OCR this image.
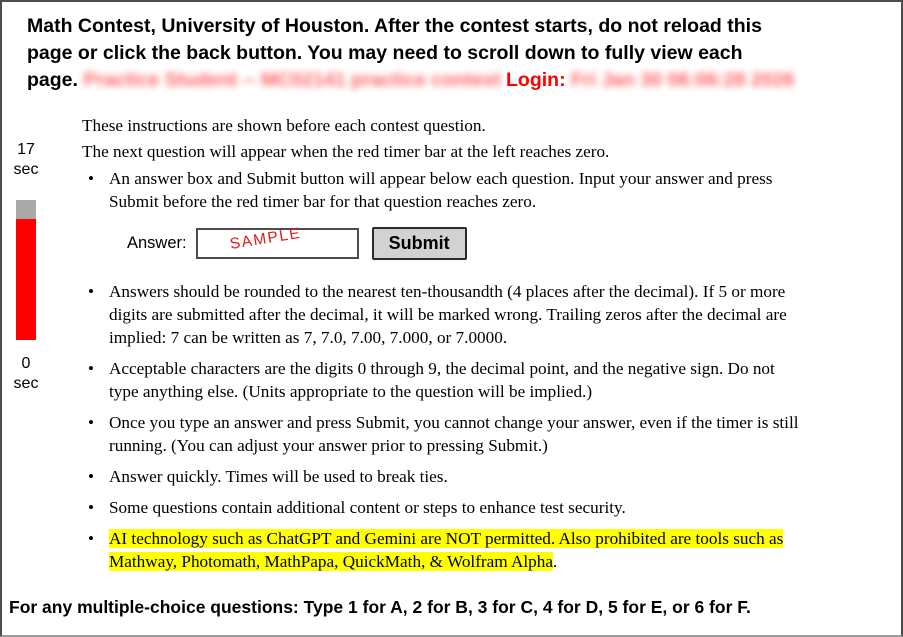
Math Contest, University of Houston. After the contest starts, do not reload this
page or click the back button. You may need to scroll down to fully view each
page. Practice Student -- MC02141 practice contest Login: Fri Jan 30 06:06:28 2026
17
sec
0
sec
These instructions are shown before each contest question.
The next question will appear when the red timer bar at the left reaches zero.
• An answer box and Submit button will appear below each question. Input your answer and press Submit before the red timer bar for that question reaches zero.
Answer:	SAMPLE	Submit
• Answers should be rounded to the nearest ten-thousandth (4 places after the decimal). If 5 or more digits are submitted after the decimal, it will be marked wrong. Trailing zeros after the decimal are implied: 7 can be written as 7, 7.0, 7.00, 7.000, or 7.0000.
• Acceptable characters are the digits 0 through 9, the decimal point, and the negative sign. Do not type anything else. (Units appropriate to the question will be implied.)
• Once you type an answer and press Submit, you cannot change your answer, even if the timer is still running. (You can adjust your answer prior to pressing Submit.)
• Answer quickly. Times will be used to break ties.
• Some questions contain additional content or steps to enhance test security.
• AI technology such as ChatGPT and Gemini are NOT permitted. Also prohibited are tools such as Mathway, Photomath, MathPapa, QuickMath, & Wolfram Alpha.
For any multiple-choice questions: Type 1 for A, 2 for B, 3 for C, 4 for D, 5 for E, or 6 for F.
